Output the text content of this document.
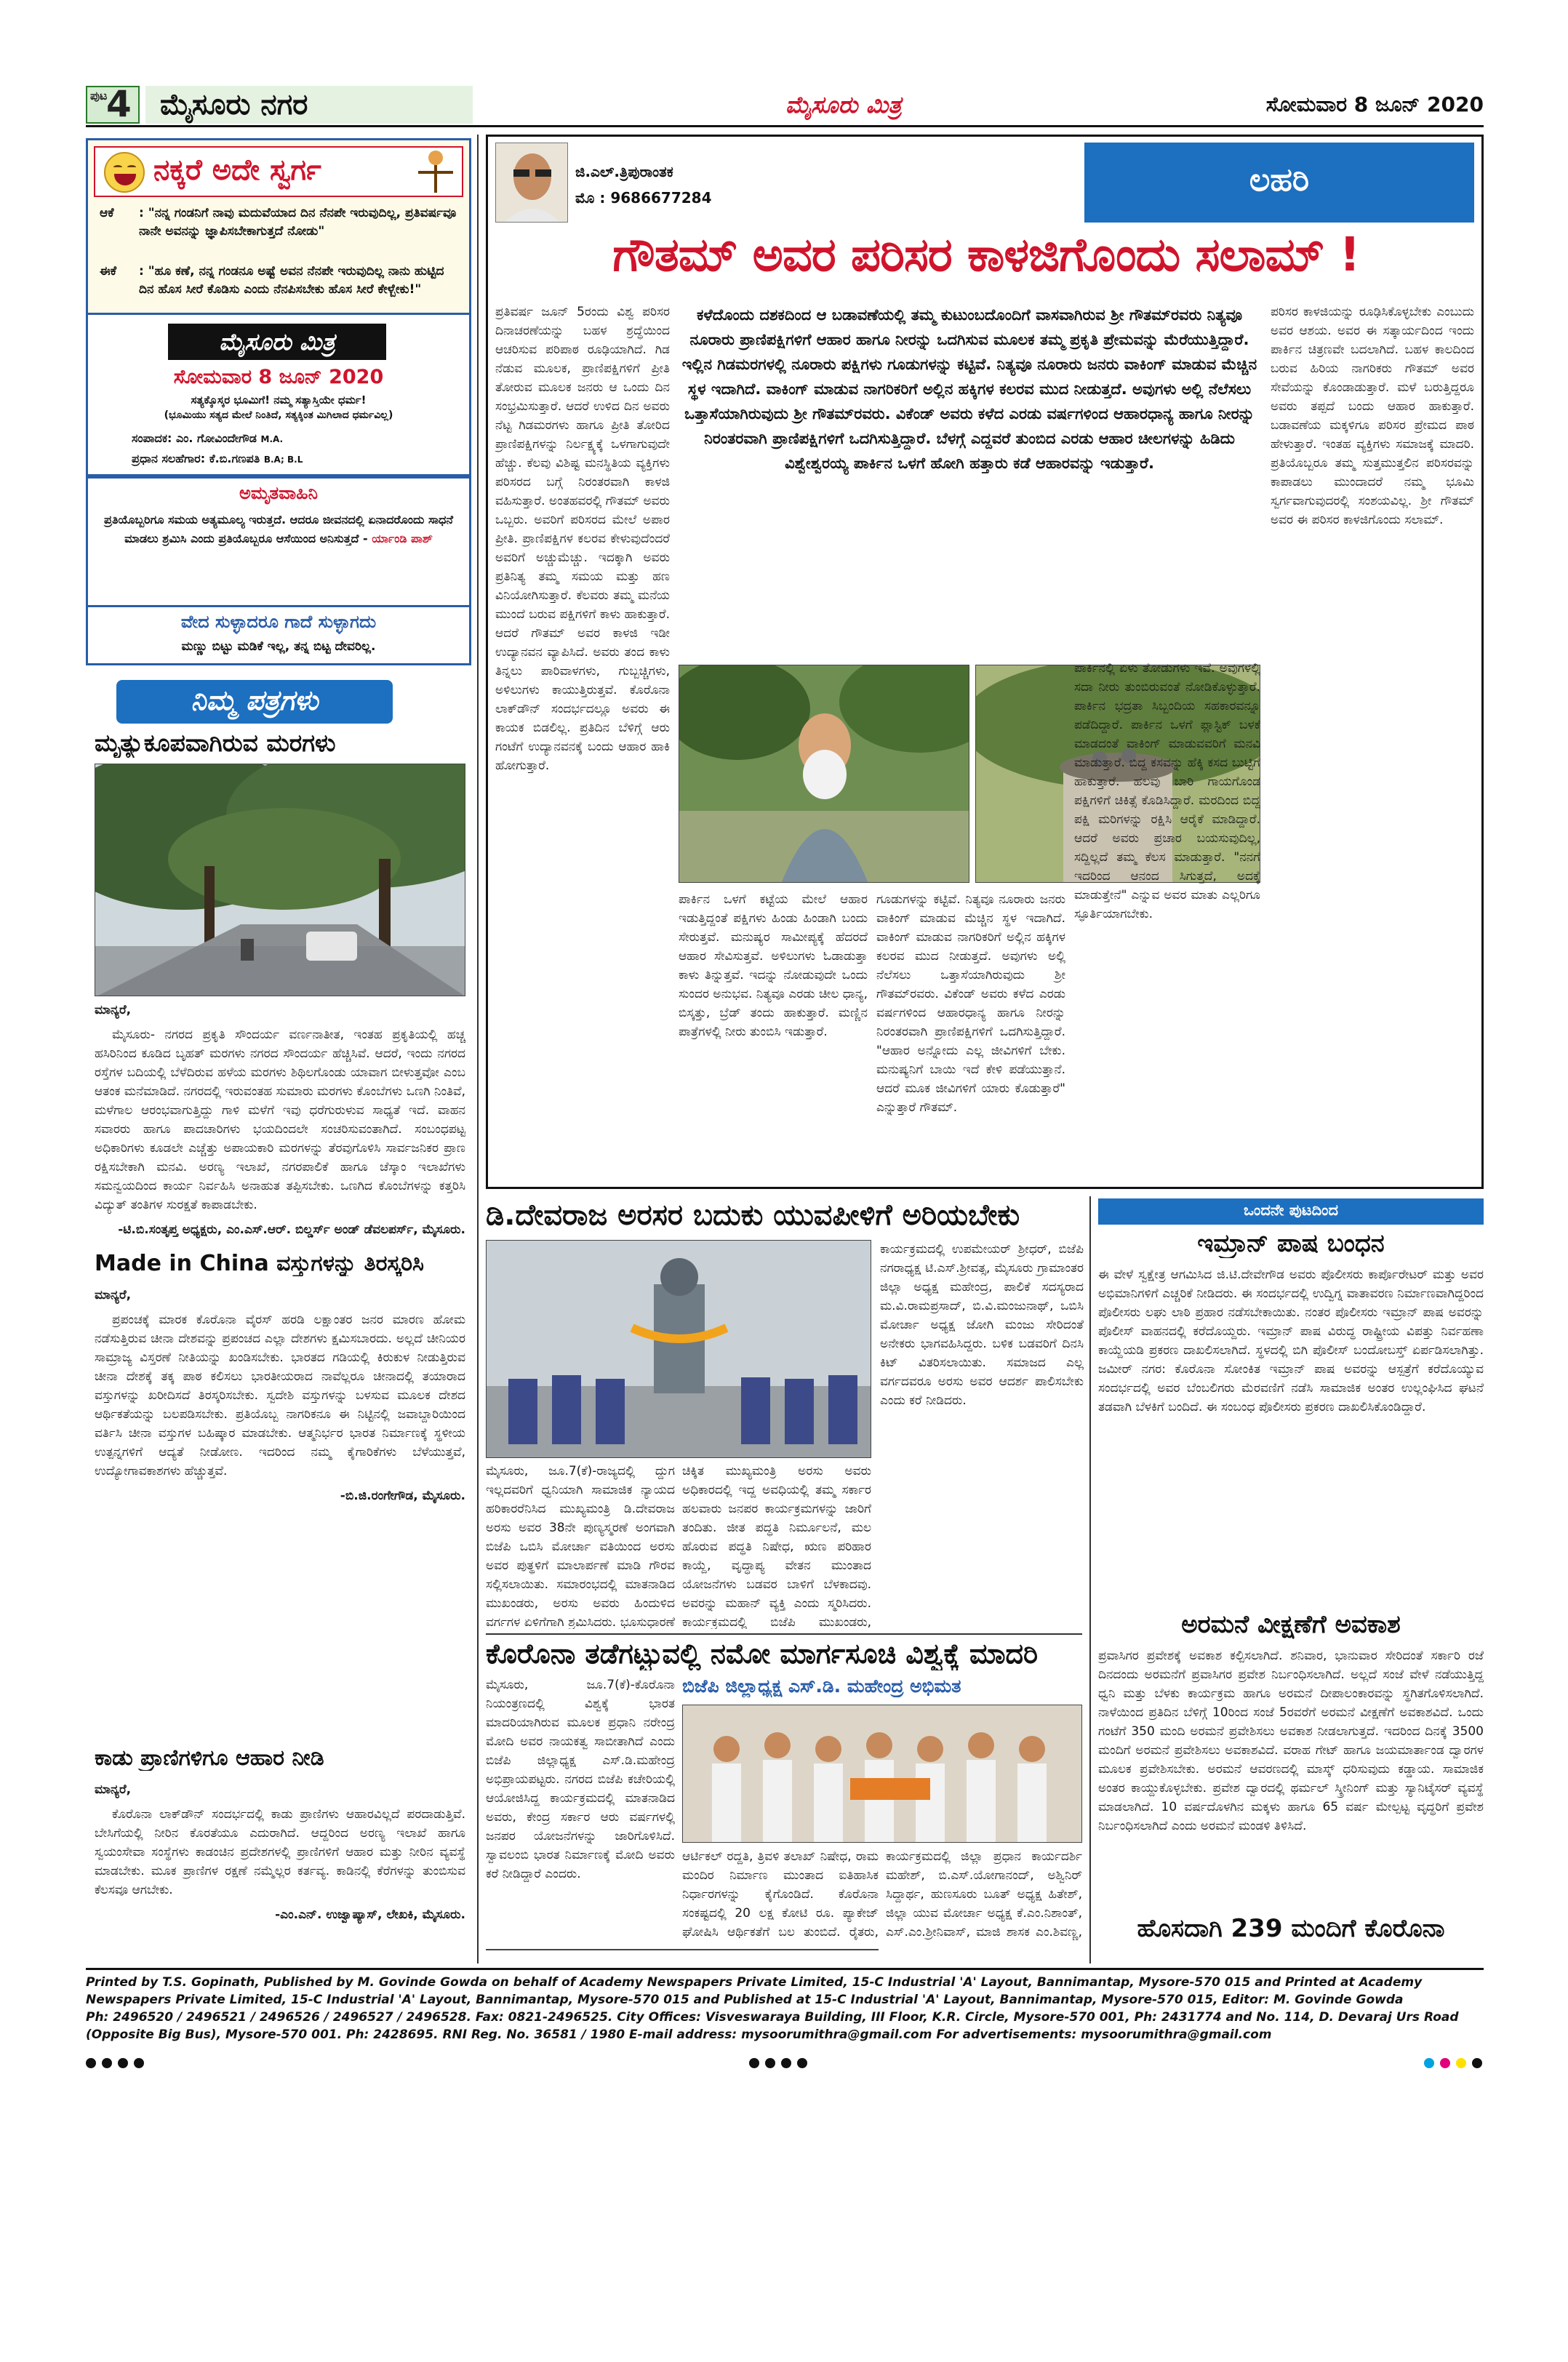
ಪುಟ
4 ಮೈಸೂರು ನಗರ	ಮೈಸೂರು ಮಿತ್ರ	ಸೋಮವಾರ 8 ಜೂನ್ 2020
ನಕ್ಕರೆ ಅದೇ ಸ್ವರ್ಗ
ಆಕೆ : "ನನ್ನ ಗಂಡನಿಗೆ ನಾವು ಮದುವೆಯಾದ ದಿನ ನೆನಪೇ ಇರುವುದಿಲ್ಲ, ಪ್ರತಿವರ್ಷವೂ ನಾನೇ ಅವನನ್ನು ಜ್ಞಾಪಿಸಬೇಕಾಗುತ್ತದೆ ನೋಡು"
ಈಕೆ : "ಹೂ ಕಣೆ, ನನ್ನ ಗಂಡನೂ ಅಷ್ಟೆ ಅವನ ನೆನಪೇ ಇರುವುದಿಲ್ಲ ನಾನು ಹುಟ್ಟಿದ ದಿನ ಹೊಸ ಸೀರೆ ಕೊಡಿಸು ಎಂದು ನೆನಪಿಸಬೇಕು ಹೊಸ ಸೀರೆ ಕೇಳ್ಬೇಕು!"
ಮೈಸೂರು ಮಿತ್ರ
ಸೋಮವಾರ 8 ಜೂನ್ 2020
ಸತ್ಯಕ್ಕೊಸ್ಕರ ಭೂಮಿಗೆ! ನಮ್ಮ ಸತ್ಯಾಸ್ತಿಯೇ ಧರ್ಮ!
(ಭೂಮಿಯು ಸತ್ಯದ ಮೇಲೆ ನಿಂತಿದೆ, ಸತ್ಯಕ್ಕಿಂತ ಮಿಗಿಲಾದ ಧರ್ಮವಿಲ್ಲ)
ಸಂಪಾದಕ: ಎಂ. ಗೋವಿಂದೇಗೌಡ M.A.
ಪ್ರಧಾನ ಸಲಹೆಗಾರ: ಕೆ.ಬಿ.ಗಣಪತಿ B.A; B.L
ಅಮೃತವಾಹಿನಿ
ಪ್ರತಿಯೊಬ್ಬರಿಗೂ ಸಮಯ ಅತ್ಯಮೂಲ್ಯ ಇರುತ್ತದೆ. ಆದರೂ ಜೀವನದಲ್ಲಿ ಏನಾದರೊಂದು ಸಾಧನೆ ಮಾಡಲು ಶ್ರಮಿಸಿ ಎಂದು ಪ್ರತಿಯೊಬ್ಬರೂ ಆಸೆಯಿಂದ ಅನಿಸುತ್ತದೆ - ರ್ಯಾಂಡಿ ಪಾಶ್
ವೇದ ಸುಳ್ಳಾದರೂ ಗಾದೆ ಸುಳ್ಳಾಗದು
ಮಣ್ಣು ಬಿಟ್ಟು ಮಡಿಕೆ ಇಲ್ಲ, ತನ್ನ ಬಿಟ್ಟ ದೇವರಿಲ್ಲ.
ನಿಮ್ಮ ಪತ್ರಗಳು
ಮೃತ್ಯುಕೂಪವಾಗಿರುವ ಮರಗಳು

ಮಾನ್ಯರೆ,

ಮೈಸೂರು- ನಗರದ ಪ್ರಕೃತಿ ಸೌಂದರ್ಯ ವರ್ಣನಾತೀತ, ಇಂತಹ ಪ್ರಕೃತಿಯಲ್ಲಿ ಹಚ್ಚ ಹಸಿರಿನಿಂದ ಕೂಡಿದ ಬೃಹತ್ ಮರಗಳು ನಗರದ ಸೌಂದರ್ಯ ಹೆಚ್ಚಿಸಿವೆ. ಆದರೆ, ಇಂದು ನಗರದ ರಸ್ತೆಗಳ ಬದಿಯಲ್ಲಿ ಬೆಳೆದಿರುವ ಹಳೆಯ ಮರಗಳು ಶಿಥಿಲಗೊಂಡು ಯಾವಾಗ ಬೀಳುತ್ತವೋ ಎಂಬ ಆತಂಕ ಮನೆಮಾಡಿದೆ. ನಗರದಲ್ಲಿ ಇರುವಂತಹ ಸುಮಾರು ಮರಗಳು ಕೊಂಬೆಗಳು ಒಣಗಿ ನಿಂತಿವೆ, ಮಳೆಗಾಲ ಆರಂಭವಾಗುತ್ತಿದ್ದು ಗಾಳಿ ಮಳೆಗೆ ಇವು ಧರೆಗುರುಳುವ ಸಾಧ್ಯತೆ ಇದೆ. ವಾಹನ ಸವಾರರು ಹಾಗೂ ಪಾದಚಾರಿಗಳು ಭಯದಿಂದಲೇ ಸಂಚರಿಸುವಂತಾಗಿದೆ. ಸಂಬಂಧಪಟ್ಟ ಅಧಿಕಾರಿಗಳು ಕೂಡಲೇ ಎಚ್ಚೆತ್ತು ಅಪಾಯಕಾರಿ ಮರಗಳನ್ನು ತೆರವುಗೊಳಿಸಿ ಸಾರ್ವಜನಿಕರ ಪ್ರಾಣ ರಕ್ಷಿಸಬೇಕಾಗಿ ಮನವಿ. ಅರಣ್ಯ ಇಲಾಖೆ, ನಗರಪಾಲಿಕೆ ಹಾಗೂ ಚೆಸ್ಕಾಂ ಇಲಾಖೆಗಳು ಸಮನ್ವಯದಿಂದ ಕಾರ್ಯ ನಿರ್ವಹಿಸಿ ಅನಾಹುತ ತಪ್ಪಿಸಬೇಕು. ಒಣಗಿದ ಕೊಂಬೆಗಳನ್ನು ಕತ್ತರಿಸಿ ವಿದ್ಯುತ್ ತಂತಿಗಳ ಸುರಕ್ಷತೆ ಕಾಪಾಡಬೇಕು.

-ಟಿ.ಬಿ.ಸಂತೃಪ್ತ ಅಧ್ಯಕ್ಷರು, ಎಂ.ಎಸ್.ಆರ್. ಬಿಲ್ಡರ್ಸ್ ಅಂಡ್ ಡೆವಲಪರ್ಸ್, ಮೈಸೂರು.

Made in China ವಸ್ತುಗಳನ್ನು ತಿರಸ್ಕರಿಸಿ

ಮಾನ್ಯರೆ,

ಪ್ರಪಂಚಕ್ಕೆ ಮಾರಕ ಕೊರೊನಾ ವೈರಸ್ ಹರಡಿ ಲಕ್ಷಾಂತರ ಜನರ ಮಾರಣ ಹೋಮ ನಡೆಸುತ್ತಿರುವ ಚೀನಾ ದೇಶವನ್ನು ಪ್ರಪಂಚದ ಎಲ್ಲಾ ದೇಶಗಳು ಕ್ಷಮಿಸಬಾರದು. ಅಲ್ಲದೆ ಚೀನಿಯರ ಸಾಮ್ರಾಜ್ಯ ವಿಸ್ತರಣೆ ನೀತಿಯನ್ನು ಖಂಡಿಸಬೇಕು. ಭಾರತದ ಗಡಿಯಲ್ಲಿ ಕಿರುಕುಳ ನೀಡುತ್ತಿರುವ ಚೀನಾ ದೇಶಕ್ಕೆ ತಕ್ಕ ಪಾಠ ಕಲಿಸಲು ಭಾರತೀಯರಾದ ನಾವೆಲ್ಲರೂ ಚೀನಾದಲ್ಲಿ ತಯಾರಾದ ವಸ್ತುಗಳನ್ನು ಖರೀದಿಸದೆ ತಿರಸ್ಕರಿಸಬೇಕು. ಸ್ವದೇಶಿ ವಸ್ತುಗಳನ್ನು ಬಳಸುವ ಮೂಲಕ ದೇಶದ ಆರ್ಥಿಕತೆಯನ್ನು ಬಲಪಡಿಸಬೇಕು. ಪ್ರತಿಯೊಬ್ಬ ನಾಗರಿಕನೂ ಈ ನಿಟ್ಟಿನಲ್ಲಿ ಜವಾಬ್ದಾರಿಯಿಂದ ವರ್ತಿಸಿ ಚೀನಾ ವಸ್ತುಗಳ ಬಹಿಷ್ಕಾರ ಮಾಡಬೇಕು. ಆತ್ಮನಿರ್ಭರ ಭಾರತ ನಿರ್ಮಾಣಕ್ಕೆ ಸ್ಥಳೀಯ ಉತ್ಪನ್ನಗಳಿಗೆ ಆದ್ಯತೆ ನೀಡೋಣ. ಇದರಿಂದ ನಮ್ಮ ಕೈಗಾರಿಕೆಗಳು ಬೆಳೆಯುತ್ತವೆ, ಉದ್ಯೋಗಾವಕಾಶಗಳು ಹೆಚ್ಚುತ್ತವೆ.

-ಬಿ.ಜಿ.ರಂಗೇಗೌಡ, ಮೈಸೂರು.

ಕಾಡು ಪ್ರಾಣಿಗಳಿಗೂ ಆಹಾರ ನೀಡಿ

ಮಾನ್ಯರೆ,

ಕೊರೊನಾ ಲಾಕ್‌ಡೌನ್ ಸಂದರ್ಭದಲ್ಲಿ ಕಾಡು ಪ್ರಾಣಿಗಳು ಆಹಾರವಿಲ್ಲದೆ ಪರದಾಡುತ್ತಿವೆ. ಬೇಸಿಗೆಯಲ್ಲಿ ನೀರಿನ ಕೊರತೆಯೂ ಎದುರಾಗಿದೆ. ಆದ್ದರಿಂದ ಅರಣ್ಯ ಇಲಾಖೆ ಹಾಗೂ ಸ್ವಯಂಸೇವಾ ಸಂಸ್ಥೆಗಳು ಕಾಡಂಚಿನ ಪ್ರದೇಶಗಳಲ್ಲಿ ಪ್ರಾಣಿಗಳಿಗೆ ಆಹಾರ ಮತ್ತು ನೀರಿನ ವ್ಯವಸ್ಥೆ ಮಾಡಬೇಕು. ಮೂಕ ಪ್ರಾಣಿಗಳ ರಕ್ಷಣೆ ನಮ್ಮೆಲ್ಲರ ಕರ್ತವ್ಯ. ಕಾಡಿನಲ್ಲಿ ಕೆರೆಗಳನ್ನು ತುಂಬಿಸುವ ಕೆಲಸವೂ ಆಗಬೇಕು.

-ಎಂ.ಎನ್. ಉಜ್ವಾಷ್ಯಾಸ್, ಲೇಖಕಿ, ಮೈಸೂರು.

ಜಿ.ಎಲ್.ತ್ರಿಪುರಾಂತಕ
ಮೊ : 9686677284	ಲಹರಿ
ಗೌತಮ್ ಅವರ ಪರಿಸರ ಕಾಳಜಿಗೊಂದು ಸಲಾಮ್ !
ಪ್ರತಿವರ್ಷ ಜೂನ್ 5ರಂದು ವಿಶ್ವ ಪರಿಸರ ದಿನಾಚರಣೆಯನ್ನು ಬಹಳ ಶ್ರದ್ಧೆಯಿಂದ ಆಚರಿಸುವ ಪರಿಪಾಠ ರೂಢಿಯಾಗಿದೆ. ಗಿಡ ನೆಡುವ ಮೂಲಕ, ಪ್ರಾಣಿಪಕ್ಷಿಗಳಿಗೆ ಪ್ರೀತಿ ತೋರುವ ಮೂಲಕ ಜನರು ಆ ಒಂದು ದಿನ ಸಂಭ್ರಮಿಸುತ್ತಾರೆ. ಆದರೆ ಉಳಿದ ದಿನ ಅವರು ನೆಟ್ಟ ಗಿಡಮರಗಳು ಹಾಗೂ ಪ್ರೀತಿ ತೋರಿದ ಪ್ರಾಣಿಪಕ್ಷಿಗಳನ್ನು ನಿರ್ಲಕ್ಷ್ಯಕ್ಕೆ ಒಳಗಾಗುವುದೇ ಹೆಚ್ಚು. ಕೆಲವು ವಿಶಿಷ್ಟ ಮನಸ್ಥಿತಿಯ ವ್ಯಕ್ತಿಗಳು ಪರಿಸರದ ಬಗ್ಗೆ ನಿರಂತರವಾಗಿ ಕಾಳಜಿ ವಹಿಸುತ್ತಾರೆ. ಅಂತಹವರಲ್ಲಿ ಗೌತಮ್ ಅವರು ಒಬ್ಬರು. ಅವರಿಗೆ ಪರಿಸರದ ಮೇಲೆ ಅಪಾರ ಪ್ರೀತಿ. ಪ್ರಾಣಿಪಕ್ಷಿಗಳ ಕಲರವ ಕೇಳುವುದೆಂದರೆ ಅವರಿಗೆ ಅಚ್ಚುಮೆಚ್ಚು. ಇದಕ್ಕಾಗಿ ಅವರು ಪ್ರತಿನಿತ್ಯ ತಮ್ಮ ಸಮಯ ಮತ್ತು ಹಣ ವಿನಿಯೋಗಿಸುತ್ತಾರೆ. ಕೆಲವರು ತಮ್ಮ ಮನೆಯ ಮುಂದೆ ಬರುವ ಪಕ್ಷಿಗಳಿಗೆ ಕಾಳು ಹಾಕುತ್ತಾರೆ. ಆದರೆ ಗೌತಮ್ ಅವರ ಕಾಳಜಿ ಇಡೀ ಉದ್ಯಾನವನ ವ್ಯಾಪಿಸಿದೆ. ಅವರು ತಂದ ಕಾಳು ತಿನ್ನಲು ಪಾರಿವಾಳಗಳು, ಗುಬ್ಬಚ್ಚಿಗಳು, ಅಳಿಲುಗಳು ಕಾಯುತ್ತಿರುತ್ತವೆ. ಕೊರೊನಾ ಲಾಕ್‌ಡೌನ್ ಸಂದರ್ಭದಲ್ಲೂ ಅವರು ಈ ಕಾಯಕ ಬಿಡಲಿಲ್ಲ. ಪ್ರತಿದಿನ ಬೆಳಿಗ್ಗೆ ಆರು ಗಂಟೆಗೆ ಉದ್ಯಾನವನಕ್ಕೆ ಬಂದು ಆಹಾರ ಹಾಕಿ ಹೋಗುತ್ತಾರೆ.
ಕಳೆದೊಂದು ದಶಕದಿಂದ ಆ ಬಡಾವಣೆಯಲ್ಲಿ ತಮ್ಮ ಕುಟುಂಬದೊಂದಿಗೆ ವಾಸವಾಗಿರುವ ಶ್ರೀ ಗೌತಮ್‌ರವರು ನಿತ್ಯವೂ ನೂರಾರು ಪ್ರಾಣಿಪಕ್ಷಿಗಳಿಗೆ ಆಹಾರ ಹಾಗೂ ನೀರನ್ನು ಒದಗಿಸುವ ಮೂಲಕ ತಮ್ಮ ಪ್ರಕೃತಿ ಪ್ರೇಮವನ್ನು ಮೆರೆಯುತ್ತಿದ್ದಾರೆ. ಇಲ್ಲಿನ ಗಿಡಮರಗಳಲ್ಲಿ ನೂರಾರು ಪಕ್ಷಿಗಳು ಗೂಡುಗಳನ್ನು ಕಟ್ಟಿವೆ. ನಿತ್ಯವೂ ನೂರಾರು ಜನರು ವಾಕಿಂಗ್ ಮಾಡುವ ಮೆಚ್ಚಿನ ಸ್ಥಳ ಇದಾಗಿದೆ. ವಾಕಿಂಗ್ ಮಾಡುವ ನಾಗರಿಕರಿಗೆ ಅಲ್ಲಿನ ಹಕ್ಕಿಗಳ ಕಲರವ ಮುದ ನೀಡುತ್ತದೆ. ಅವುಗಳು ಅಲ್ಲಿ ನೆಲೆಸಲು ಒತ್ತಾಸೆಯಾಗಿರುವುದು ಶ್ರೀ ಗೌತಮ್‌ರವರು. ವಿಕೆಂಡ್ ಅವರು ಕಳೆದ ಎರಡು ವರ್ಷಗಳಿಂದ ಆಹಾರಧಾನ್ಯ ಹಾಗೂ ನೀರನ್ನು ನಿರಂತರವಾಗಿ ಪ್ರಾಣಿಪಕ್ಷಿಗಳಿಗೆ ಒದಗಿಸುತ್ತಿದ್ದಾರೆ. ಬೆಳಗ್ಗೆ ಎದ್ದವರೆ ತುಂಬಿದ ಎರಡು ಆಹಾರ ಚೀಲಗಳನ್ನು ಹಿಡಿದು ವಿಶ್ವೇಶ್ವರಯ್ಯ ಪಾರ್ಕಿನ ಒಳಗೆ ಹೋಗಿ ಹತ್ತಾರು ಕಡೆ ಆಹಾರವನ್ನು ಇಡುತ್ತಾರೆ.
ಪರಿಸರ ಕಾಳಜಿಯನ್ನು ರೂಢಿಸಿಕೊಳ್ಳಬೇಕು ಎಂಬುದು ಅವರ ಆಶಯ. ಅವರ ಈ ಸತ್ಕಾರ್ಯದಿಂದ ಇಂದು ಪಾರ್ಕಿನ ಚಿತ್ರಣವೇ ಬದಲಾಗಿದೆ. ಬಹಳ ಕಾಲದಿಂದ ಬರುವ ಹಿರಿಯ ನಾಗರಿಕರು ಗೌತಮ್ ಅವರ ಸೇವೆಯನ್ನು ಕೊಂಡಾಡುತ್ತಾರೆ. ಮಳೆ ಬರುತ್ತಿದ್ದರೂ ಅವರು ತಪ್ಪದೆ ಬಂದು ಆಹಾರ ಹಾಕುತ್ತಾರೆ. ಬಡಾವಣೆಯ ಮಕ್ಕಳಿಗೂ ಪರಿಸರ ಪ್ರೇಮದ ಪಾಠ ಹೇಳುತ್ತಾರೆ. ಇಂತಹ ವ್ಯಕ್ತಿಗಳು ಸಮಾಜಕ್ಕೆ ಮಾದರಿ. ಪ್ರತಿಯೊಬ್ಬರೂ ತಮ್ಮ ಸುತ್ತಮುತ್ತಲಿನ ಪರಿಸರವನ್ನು ಕಾಪಾಡಲು ಮುಂದಾದರೆ ನಮ್ಮ ಭೂಮಿ ಸ್ವರ್ಗವಾಗುವುದರಲ್ಲಿ ಸಂಶಯವಿಲ್ಲ. ಶ್ರೀ ಗೌತಮ್ ಅವರ ಈ ಪರಿಸರ ಕಾಳಜಿಗೊಂದು ಸಲಾಮ್.
ಪಾರ್ಕಿನ ಒಳಗೆ ಕಟ್ಟೆಯ ಮೇಲೆ ಆಹಾರ ಇಡುತ್ತಿದ್ದಂತೆ ಪಕ್ಷಿಗಳು ಹಿಂಡು ಹಿಂಡಾಗಿ ಬಂದು ಸೇರುತ್ತವೆ. ಮನುಷ್ಯರ ಸಾಮೀಪ್ಯಕ್ಕೆ ಹೆದರದೆ ಆಹಾರ ಸೇವಿಸುತ್ತವೆ. ಅಳಿಲುಗಳು ಓಡಾಡುತ್ತಾ ಕಾಳು ತಿನ್ನುತ್ತವೆ. ಇದನ್ನು ನೋಡುವುದೇ ಒಂದು ಸುಂದರ ಅನುಭವ. ನಿತ್ಯವೂ ಎರಡು ಚೀಲ ಧಾನ್ಯ, ಬಿಸ್ಕತ್ತು, ಬ್ರೆಡ್ ತಂದು ಹಾಕುತ್ತಾರೆ. ಮಣ್ಣಿನ ಪಾತ್ರೆಗಳಲ್ಲಿ ನೀರು ತುಂಬಿಸಿ ಇಡುತ್ತಾರೆ.
ಗೂಡುಗಳನ್ನು ಕಟ್ಟಿವೆ. ನಿತ್ಯವೂ ನೂರಾರು ಜನರು ವಾಕಿಂಗ್ ಮಾಡುವ ಮೆಚ್ಚಿನ ಸ್ಥಳ ಇದಾಗಿದೆ. ವಾಕಿಂಗ್ ಮಾಡುವ ನಾಗರಿಕರಿಗೆ ಅಲ್ಲಿನ ಹಕ್ಕಿಗಳ ಕಲರವ ಮುದ ನೀಡುತ್ತದೆ. ಅವುಗಳು ಅಲ್ಲಿ ನೆಲೆಸಲು ಒತ್ತಾಸೆಯಾಗಿರುವುದು ಶ್ರೀ ಗೌತಮ್‌ರವರು. ವಿಕೆಂಡ್ ಅವರು ಕಳೆದ ಎರಡು ವರ್ಷಗಳಿಂದ ಆಹಾರಧಾನ್ಯ ಹಾಗೂ ನೀರನ್ನು ನಿರಂತರವಾಗಿ ಪ್ರಾಣಿಪಕ್ಷಿಗಳಿಗೆ ಒದಗಿಸುತ್ತಿದ್ದಾರೆ. "ಆಹಾರ ಅನ್ನೋದು ಎಲ್ಲ ಜೀವಿಗಳಿಗೆ ಬೇಕು. ಮನುಷ್ಯನಿಗೆ ಬಾಯಿ ಇದೆ ಕೇಳಿ ಪಡೆಯುತ್ತಾನೆ. ಆದರೆ ಮೂಕ ಜೀವಿಗಳಿಗೆ ಯಾರು ಕೊಡುತ್ತಾರೆ" ಎನ್ನುತ್ತಾರೆ ಗೌತಮ್.
ಪಾರ್ಕಿನಲ್ಲಿ ಏಳು ತೋಡುಗಳು ಇವೆ. ಅವುಗಳಲ್ಲಿ ಸದಾ ನೀರು ತುಂಬಿರುವಂತೆ ನೋಡಿಕೊಳ್ಳುತ್ತಾರೆ. ಪಾರ್ಕಿನ ಭದ್ರತಾ ಸಿಬ್ಬಂದಿಯ ಸಹಕಾರವನ್ನೂ ಪಡೆದಿದ್ದಾರೆ. ಪಾರ್ಕಿನ ಒಳಗೆ ಪ್ಲಾಸ್ಟಿಕ್ ಬಳಕೆ ಮಾಡದಂತೆ ವಾಕಿಂಗ್ ಮಾಡುವವರಿಗೆ ಮನವಿ ಮಾಡುತ್ತಾರೆ. ಬಿದ್ದ ಕಸವನ್ನು ಹೆಕ್ಕಿ ಕಸದ ಬುಟ್ಟಿಗೆ ಹಾಕುತ್ತಾರೆ. ಹಲವು ಬಾರಿ ಗಾಯಗೊಂಡ ಪಕ್ಷಿಗಳಿಗೆ ಚಿಕಿತ್ಸೆ ಕೊಡಿಸಿದ್ದಾರೆ. ಮರದಿಂದ ಬಿದ್ದ ಪಕ್ಷಿ ಮರಿಗಳನ್ನು ರಕ್ಷಿಸಿ ಆರೈಕೆ ಮಾಡಿದ್ದಾರೆ. ಆದರೆ ಅವರು ಪ್ರಚಾರ ಬಯಸುವುದಿಲ್ಲ, ಸದ್ದಿಲ್ಲದೆ ತಮ್ಮ ಕೆಲಸ ಮಾಡುತ್ತಾರೆ. "ನನಗೆ ಇದರಿಂದ ಆನಂದ ಸಿಗುತ್ತದೆ, ಅದಕ್ಕೆ ಮಾಡುತ್ತೇನೆ" ಎನ್ನುವ ಅವರ ಮಾತು ಎಲ್ಲರಿಗೂ ಸ್ಫೂರ್ತಿಯಾಗಬೇಕು.
ಡಿ.ದೇವರಾಜ ಅರಸರ ಬದುಕು ಯುವಪೀಳಿಗೆ ಅರಿಯಬೇಕು
ಮೈಸೂರು, ಜೂ.7(ಕೆ)-ರಾಜ್ಯದಲ್ಲಿ ದ್ದುಗ ಇಲ್ಲದವರಿಗೆ ಧ್ವನಿಯಾಗಿ ಸಾಮಾಜಿಕ ನ್ಯಾಯದ ಹರಿಕಾರರೆನಿಸಿದ ಮುಖ್ಯಮಂತ್ರಿ ಡಿ.ದೇವರಾಜ ಅರಸು ಅವರ 38ನೇ ಪುಣ್ಯಸ್ಮರಣೆ ಅಂಗವಾಗಿ ಬಿಜೆಪಿ ಒಬಿಸಿ ಮೋರ್ಚಾ ವತಿಯಿಂದ ಅರಸು ಅವರ ಪುತ್ಥಳಿಗೆ ಮಾಲಾರ್ಪಣೆ ಮಾಡಿ ಗೌರವ ಸಲ್ಲಿಸಲಾಯಿತು. ಸಮಾರಂಭದಲ್ಲಿ ಮಾತನಾಡಿದ ಮುಖಂಡರು, ಅರಸು ಅವರು ಹಿಂದುಳಿದ ವರ್ಗಗಳ ಏಳಿಗೆಗಾಗಿ ಶ್ರಮಿಸಿದರು. ಭೂಸುಧಾರಣೆ
ಚಿಕ್ಕಿತ ಮುಖ್ಯಮಂತ್ರಿ ಅರಸು ಅವರು ಅಧಿಕಾರದಲ್ಲಿ ಇದ್ದ ಅವಧಿಯಲ್ಲಿ ತಮ್ಮ ಸರ್ಕಾರ ಹಲವಾರು ಜನಪರ ಕಾರ್ಯಕ್ರಮಗಳನ್ನು ಜಾರಿಗೆ ತಂದಿತು. ಜೀತ ಪದ್ಧತಿ ನಿರ್ಮೂಲನೆ, ಮಲ ಹೊರುವ ಪದ್ಧತಿ ನಿಷೇಧ, ಋಣ ಪರಿಹಾರ ಕಾಯ್ದೆ, ವೃದ್ಧಾಪ್ಯ ವೇತನ ಮುಂತಾದ ಯೋಜನೆಗಳು ಬಡವರ ಬಾಳಿಗೆ ಬೆಳಕಾದವು. ಅವರನ್ನು ಮಹಾನ್ ವ್ಯಕ್ತಿ ಎಂದು ಸ್ಮರಿಸಿದರು. ಕಾರ್ಯಕ್ರಮದಲ್ಲಿ ಬಿಜೆಪಿ ಮುಖಂಡರು,
ಕಾರ್ಯಕ್ರಮದಲ್ಲಿ ಉಪಮೇಯರ್ ಶ್ರೀಧರ್, ಬಿಜೆಪಿ ನಗರಾಧ್ಯಕ್ಷ ಟಿ.ಎಸ್.ಶ್ರೀವತ್ಸ, ಮೈಸೂರು ಗ್ರಾಮಾಂತರ ಜಿಲ್ಲಾ ಅಧ್ಯಕ್ಷ ಮಹೇಂದ್ರ, ಪಾಲಿಕೆ ಸದಸ್ಯರಾದ ಮ.ವಿ.ರಾಮಪ್ರಸಾದ್, ಬಿ.ವಿ.ಮಂಜುನಾಥ್, ಒಬಿಸಿ ಮೋರ್ಚಾ ಅಧ್ಯಕ್ಷ ಜೋಗಿ ಮಂಜು ಸೇರಿದಂತೆ ಅನೇಕರು ಭಾಗವಹಿಸಿದ್ದರು. ಬಳಿಕ ಬಡವರಿಗೆ ದಿನಸಿ ಕಿಟ್ ವಿತರಿಸಲಾಯಿತು. ಸಮಾಜದ ಎಲ್ಲ ವರ್ಗದವರೂ ಅರಸು ಅವರ ಆದರ್ಶ ಪಾಲಿಸಬೇಕು ಎಂದು ಕರೆ ನೀಡಿದರು.
ಕೊರೊನಾ ತಡೆಗಟ್ಟುವಲ್ಲಿ ನಮೋ ಮಾರ್ಗಸೂಚಿ ವಿಶ್ವಕ್ಕೆ ಮಾದರಿ
ಬಿಜೆಪಿ ಜಿಲ್ಲಾಧ್ಯಕ್ಷ ಎಸ್.ಡಿ. ಮಹೇಂದ್ರ ಅಭಿಮತ
ಮೈಸೂರು, ಜೂ.7(ಕೆ)-ಕೊರೊನಾ ನಿಯಂತ್ರಣದಲ್ಲಿ ವಿಶ್ವಕ್ಕೆ ಭಾರತ ಮಾದರಿಯಾಗಿರುವ ಮೂಲಕ ಪ್ರಧಾನಿ ನರೇಂದ್ರ ಮೋದಿ ಅವರ ನಾಯಕತ್ವ ಸಾಬೀತಾಗಿದೆ ಎಂದು ಬಿಜೆಪಿ ಜಿಲ್ಲಾಧ್ಯಕ್ಷ ಎಸ್.ಡಿ.ಮಹೇಂದ್ರ ಅಭಿಪ್ರಾಯಪಟ್ಟರು. ನಗರದ ಬಿಜೆಪಿ ಕಚೇರಿಯಲ್ಲಿ ಆಯೋಜಿಸಿದ್ದ ಕಾರ್ಯಕ್ರಮದಲ್ಲಿ ಮಾತನಾಡಿದ ಅವರು, ಕೇಂದ್ರ ಸರ್ಕಾರ ಆರು ವರ್ಷಗಳಲ್ಲಿ ಜನಪರ ಯೋಜನೆಗಳನ್ನು ಜಾರಿಗೊಳಿಸಿದೆ. ಸ್ವಾವಲಂಬಿ ಭಾರತ ನಿರ್ಮಾಣಕ್ಕೆ ಮೋದಿ ಅವರು ಕರೆ ನೀಡಿದ್ದಾರೆ ಎಂದರು.
ಆರ್ಟಿಕಲ್ ರದ್ದತಿ, ತ್ರಿವಳಿ ತಲಾಖ್ ನಿಷೇಧ, ರಾಮ ಮಂದಿರ ನಿರ್ಮಾಣ ಮುಂತಾದ ಐತಿಹಾಸಿಕ ನಿರ್ಧಾರಗಳನ್ನು ಕೈಗೊಂಡಿದೆ. ಕೊರೊನಾ ಸಂಕಷ್ಟದಲ್ಲಿ 20 ಲಕ್ಷ ಕೋಟಿ ರೂ. ಪ್ಯಾಕೇಜ್ ಘೋಷಿಸಿ ಆರ್ಥಿಕತೆಗೆ ಬಲ ತುಂಬಿದೆ. ರೈತರು,
ಕಾರ್ಯಕ್ರಮದಲ್ಲಿ ಜಿಲ್ಲಾ ಪ್ರಧಾನ ಕಾರ್ಯದರ್ಶಿ ಮಹೇಶ್, ಬಿ.ಎಸ್.ಯೋಗಾನಂದ್, ಅಶ್ವಿನಿರ್ ಸಿದ್ದಾರ್ಥ, ಹುಣಸೂರು ಬೂತ್ ಅಧ್ಯಕ್ಷ ಹಿತೇಶ್, ಜಿಲ್ಲಾ ಯುವ ಮೋರ್ಚಾ ಅಧ್ಯಕ್ಷ ಕೆ.ಎಂ.ನಿಶಾಂತ್, ಎಸ್.ಎಂ.ಶ್ರೀನಿವಾಸ್, ಮಾಜಿ ಶಾಸಕ ಎಂ.ಶಿವಣ್ಣ,
ಒಂದನೇ ಪುಟದಿಂದ
ಇಮ್ರಾನ್ ಪಾಷ ಬಂಧನ
ಈ ವೇಳೆ ಸ್ವಕ್ಷೇತ್ರ ಆಗಮಿಸಿದ ಜಿ.ಟಿ.ದೇವೇಗೌಡ ಅವರು ಪೊಲೀಸರು ಕಾರ್ಪೊರೇಟರ್ ಮತ್ತು ಅವರ ಅಭಿಮಾನಿಗಳಿಗೆ ಎಚ್ಚರಿಕೆ ನೀಡಿದರು. ಈ ಸಂದರ್ಭದಲ್ಲಿ ಉದ್ವಿಗ್ನ ವಾತಾವರಣ ನಿರ್ಮಾಣವಾಗಿದ್ದರಿಂದ ಪೊಲೀಸರು ಲಘು ಲಾಠಿ ಪ್ರಹಾರ ನಡೆಸಬೇಕಾಯಿತು. ನಂತರ ಪೊಲೀಸರು ಇಮ್ರಾನ್ ಪಾಷ ಅವರನ್ನು ಪೊಲೀಸ್ ವಾಹನದಲ್ಲಿ ಕರೆದೊಯ್ದರು. ಇಮ್ರಾನ್ ಪಾಷ ವಿರುದ್ಧ ರಾಷ್ಟ್ರೀಯ ವಿಪತ್ತು ನಿರ್ವಹಣಾ ಕಾಯ್ದೆಯಡಿ ಪ್ರಕರಣ ದಾಖಲಿಸಲಾಗಿದೆ. ಸ್ಥಳದಲ್ಲಿ ಬಿಗಿ ಪೊಲೀಸ್ ಬಂದೋಬಸ್ತ್ ಏರ್ಪಡಿಸಲಾಗಿತ್ತು. ಜಮೀರ್ ನಗರ: ಕೊರೊನಾ ಸೋಂಕಿತ ಇಮ್ರಾನ್ ಪಾಷ ಅವರನ್ನು ಆಸ್ಪತ್ರೆಗೆ ಕರೆದೊಯ್ಯುವ ಸಂದರ್ಭದಲ್ಲಿ ಅವರ ಬೆಂಬಲಿಗರು ಮೆರವಣಿಗೆ ನಡೆಸಿ ಸಾಮಾಜಿಕ ಅಂತರ ಉಲ್ಲಂಘಿಸಿದ ಘಟನೆ ತಡವಾಗಿ ಬೆಳಕಿಗೆ ಬಂದಿದೆ. ಈ ಸಂಬಂಧ ಪೊಲೀಸರು ಪ್ರಕರಣ ದಾಖಲಿಸಿಕೊಂಡಿದ್ದಾರೆ.
ಅರಮನೆ ವೀಕ್ಷಣೆಗೆ ಅವಕಾಶ
ಪ್ರವಾಸಿಗರ ಪ್ರವೇಶಕ್ಕೆ ಅವಕಾಶ ಕಲ್ಪಿಸಲಾಗಿದೆ. ಶನಿವಾರ, ಭಾನುವಾರ ಸೇರಿದಂತೆ ಸರ್ಕಾರಿ ರಜೆ ದಿನದಂದು ಅರಮನೆಗೆ ಪ್ರವಾಸಿಗರ ಪ್ರವೇಶ ನಿರ್ಬಂಧಿಸಲಾಗಿದೆ. ಅಲ್ಲದೆ ಸಂಜೆ ವೇಳೆ ನಡೆಯುತ್ತಿದ್ದ ಧ್ವನಿ ಮತ್ತು ಬೆಳಕು ಕಾರ್ಯಕ್ರಮ ಹಾಗೂ ಅರಮನೆ ದೀಪಾಲಂಕಾರವನ್ನು ಸ್ಥಗಿತಗೊಳಿಸಲಾಗಿದೆ. ನಾಳೆಯಿಂದ ಪ್ರತಿದಿನ ಬೆಳಿಗ್ಗೆ 10ರಿಂದ ಸಂಜೆ 5ರವರೆಗೆ ಅರಮನೆ ವೀಕ್ಷಣೆಗೆ ಅವಕಾಶವಿದೆ. ಒಂದು ಗಂಟೆಗೆ 350 ಮಂದಿ ಅರಮನೆ ಪ್ರವೇಶಿಸಲು ಅವಕಾಶ ನೀಡಲಾಗುತ್ತದೆ. ಇದರಿಂದ ದಿನಕ್ಕೆ 3500 ಮಂದಿಗೆ ಅರಮನೆ ಪ್ರವೇಶಿಸಲು ಅವಕಾಶವಿದೆ. ವರಾಹ ಗೇಟ್ ಹಾಗೂ ಜಯಮಾರ್ತಾಂಡ ದ್ವಾರಗಳ ಮೂಲಕ ಪ್ರವೇಶಿಸಬೇಕು. ಅರಮನೆ ಆವರಣದಲ್ಲಿ ಮಾಸ್ಕ್ ಧರಿಸುವುದು ಕಡ್ಡಾಯ. ಸಾಮಾಜಿಕ ಅಂತರ ಕಾಯ್ದುಕೊಳ್ಳಬೇಕು. ಪ್ರವೇಶ ದ್ವಾರದಲ್ಲಿ ಥರ್ಮಲ್ ಸ್ಕ್ರೀನಿಂಗ್ ಮತ್ತು ಸ್ಯಾನಿಟೈಸರ್ ವ್ಯವಸ್ಥೆ ಮಾಡಲಾಗಿದೆ. 10 ವರ್ಷದೊಳಗಿನ ಮಕ್ಕಳು ಹಾಗೂ 65 ವರ್ಷ ಮೇಲ್ಪಟ್ಟ ವೃದ್ಧರಿಗೆ ಪ್ರವೇಶ ನಿರ್ಬಂಧಿಸಲಾಗಿದೆ ಎಂದು ಅರಮನೆ ಮಂಡಳಿ ತಿಳಿಸಿದೆ.
ಹೊಸದಾಗಿ 239 ಮಂದಿಗೆ ಕೊರೊನಾ
Printed by T.S. Gopinath, Published by M. Govinde Gowda on behalf of Academy Newspapers Private Limited, 15-C Industrial 'A' Layout, Bannimantap, Mysore-570 015 and Printed at Academy
Newspapers Private Limited, 15-C Industrial 'A' Layout, Bannimantap, Mysore-570 015 and Published at 15-C Industrial 'A' Layout, Bannimantap, Mysore-570 015, Editor: M. Govinde Gowda
Ph: 2496520 / 2496521 / 2496526 / 2496527 / 2496528. Fax: 0821-2496525. City Offices: Visveswaraya Building, III Floor, K.R. Circle, Mysore-570 001, Ph: 2431774 and No. 114, D. Devaraj Urs Road
(Opposite Big Bus), Mysore-570 001. Ph: 2428695. RNI Reg. No. 36581 / 1980 E-mail address: mysoorumithra@gmail.com For advertisements: mysoorumithra@gmail.com
